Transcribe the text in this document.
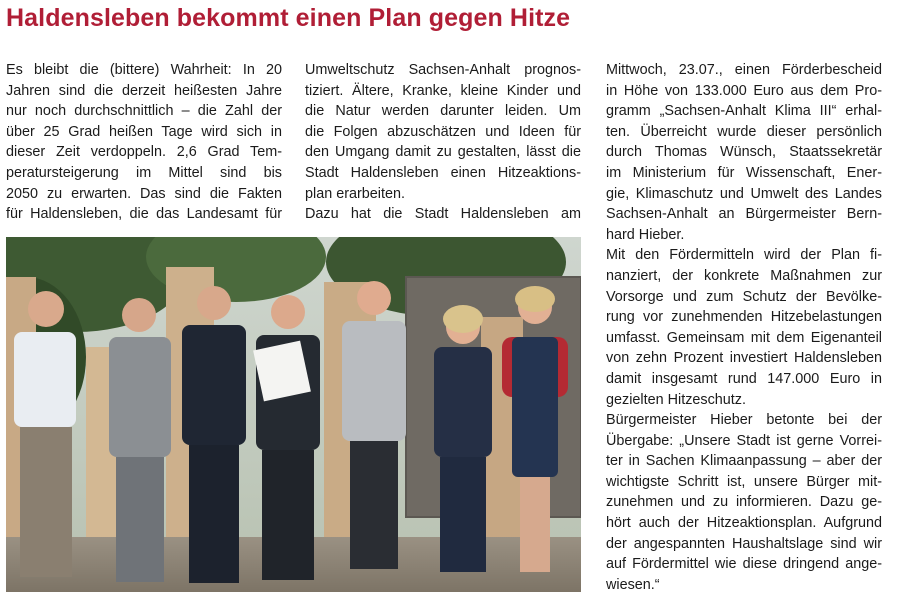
Haldensleben bekommt einen Plan gegen Hitze

Es bleibt die (bittere) Wahrheit: In 20
Jahren sind die derzeit heißesten Jahre
nur noch durchschnittlich – die Zahl der
über 25 Grad heißen Tage wird sich in
dieser Zeit verdoppeln. 2,6 Grad Tem-
peratursteigerung im Mittel sind bis
2050 zu erwarten. Das sind die Fakten
für Haldensleben, die das Landesamt für

Umweltschutz Sachsen-Anhalt prognos-
tiziert. Ältere, Kranke, kleine Kinder und
die Natur werden darunter leiden. Um
die Folgen abzuschätzen und Ideen für
den Umgang damit zu gestalten, lässt die
Stadt Haldensleben einen Hitzeaktions-
plan erarbeiten.

Dazu hat die Stadt Haldensleben am

Mittwoch, 23.07., einen Förderbescheid
in Höhe von 133.000 Euro aus dem Pro-
gramm „Sachsen-Anhalt Klima III“ erhal-
ten. Überreicht wurde dieser persönlich
durch Thomas Wünsch, Staatssekretär
im Ministerium für Wissenschaft, Ener-
gie, Klimaschutz und Umwelt des Landes
Sachsen-Anhalt an Bürgermeister Bern-
hard Hieber.

Mit den Fördermitteln wird der Plan fi-
nanziert, der konkrete Maßnahmen zur
Vorsorge und zum Schutz der Bevölke-
rung vor zunehmenden Hitzebelastungen
umfasst. Gemeinsam mit dem Eigenanteil
von zehn Prozent investiert Haldensleben
damit insgesamt rund 147.000 Euro in
gezielten Hitzeschutz.

Bürgermeister Hieber betonte bei der
Übergabe: „Unsere Stadt ist gerne Vorrei-
ter in Sachen Klimaanpassung – aber der
wichtigste Schritt ist, unsere Bürger mit-
zunehmen und zu informieren. Dazu ge-
hört auch der Hitzeaktionsplan. Aufgrund
der angespannten Haushaltslage sind wir
auf Fördermittel wie diese dringend ange-
wiesen.“
